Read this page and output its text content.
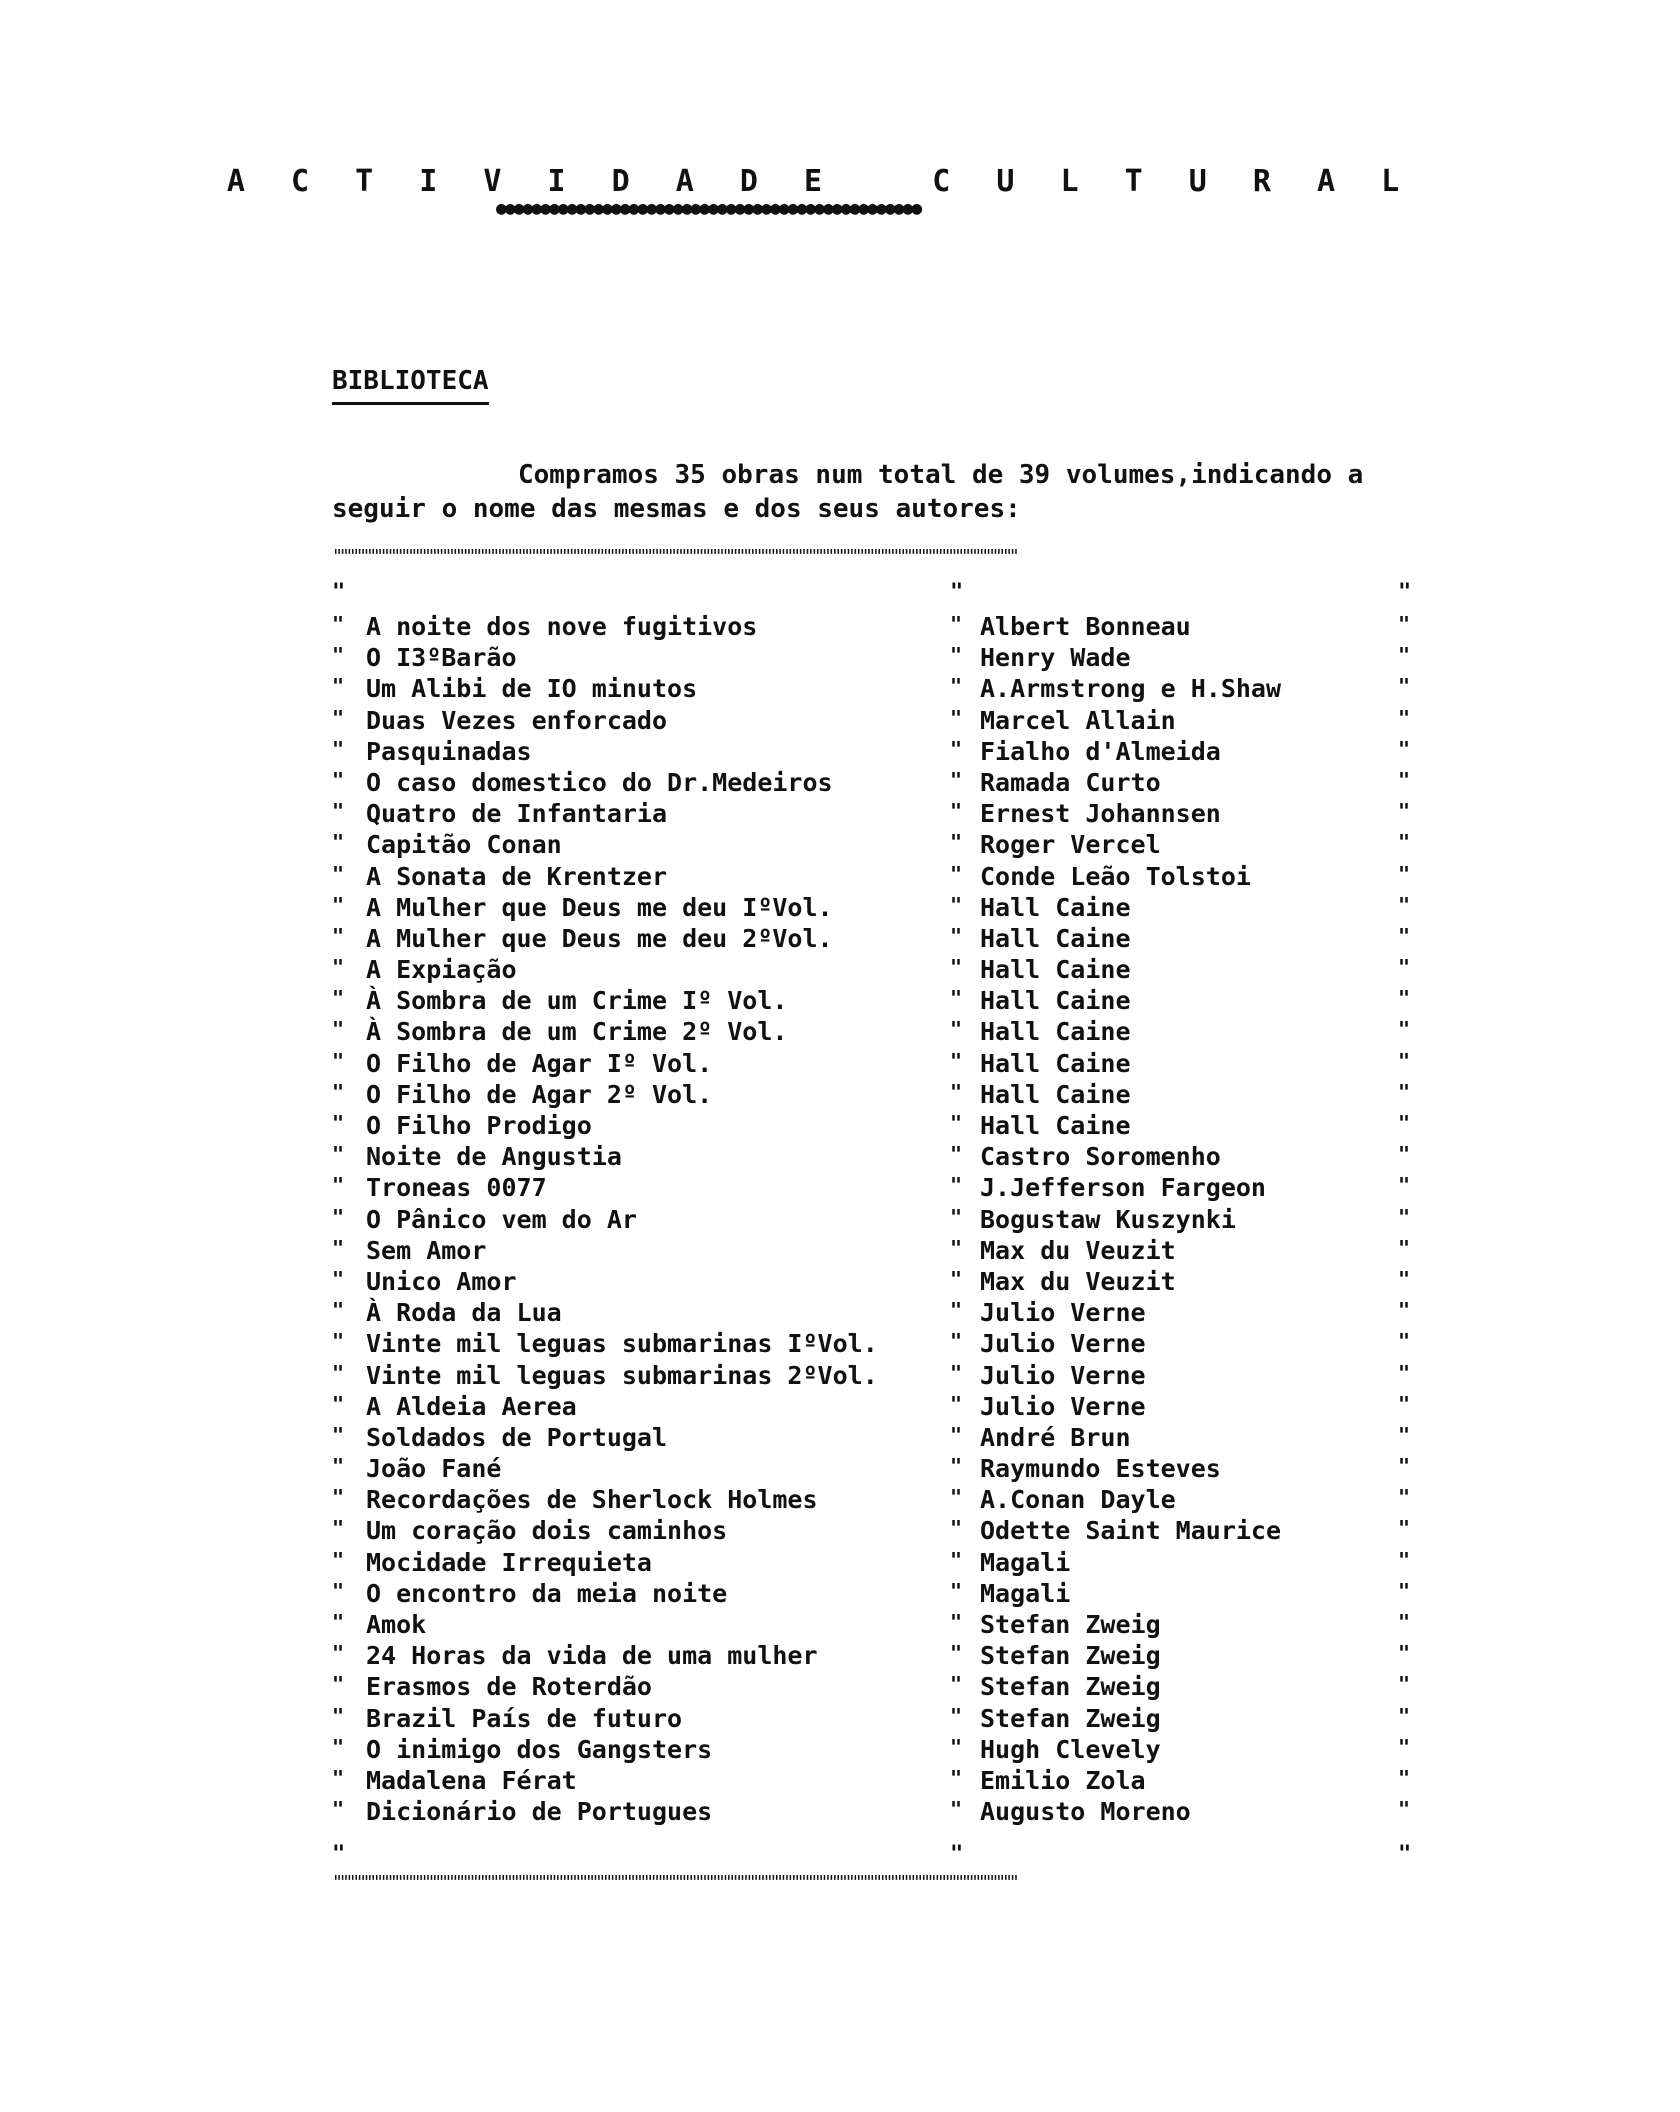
A C T I V I D A D E   C U L T U R A L
●●●●●●●●●●●●●●●●●●●●●●●●●●●●●●●●●●●●●●●●●●●●●●●●
BIBLIOTECA
Compramos 35 obras num total de 39 volumes,indicando a seguir o nome das mesmas e dos seus autores:
""""""""""""""""""""""""""""""""""""""""""""""""""""""""""""""""""""""""""""""""""""""""""""""""""""
"	"	"
" A noite dos nove fugitivos	" Albert Bonneau	"
" O I3ºBarão	" Henry Wade	"
" Um Alibi de IO minutos	" A.Armstrong e H.Shaw	"
" Duas Vezes enforcado	" Marcel Allain	"
" Pasquinadas	" Fialho d'Almeida	"
" O caso domestico do Dr.Medeiros	" Ramada Curto	"
" Quatro de Infantaria	" Ernest Johannsen	"
" Capitão Conan	" Roger Vercel	"
" A Sonata de Krentzer	" Conde Leão Tolstoi	"
" A Mulher que Deus me deu IºVol.	" Hall Caine	"
" A Mulher que Deus me deu 2ºVol.	" Hall Caine	"
" A Expiação	" Hall Caine	"
" À Sombra de um Crime Iº Vol.	" Hall Caine	"
" À Sombra de um Crime 2º Vol.	" Hall Caine	"
" O Filho de Agar Iº Vol.	" Hall Caine	"
" O Filho de Agar 2º Vol.	" Hall Caine	"
" O Filho Prodigo	" Hall Caine	"
" Noite de Angustia	" Castro Soromenho	"
" Troneas 0077	" J.Jefferson Fargeon	"
" O Pânico vem do Ar	" Bogustaw Kuszynki	"
" Sem Amor	" Max du Veuzit	"
" Unico Amor	" Max du Veuzit	"
" À Roda da Lua	" Julio Verne	"
" Vinte mil leguas submarinas IºVol.	" Julio Verne	"
" Vinte mil leguas submarinas 2ºVol.	" Julio Verne	"
" A Aldeia Aerea	" Julio Verne	"
" Soldados de Portugal	" André Brun	"
" João Fané	" Raymundo Esteves	"
" Recordações de Sherlock Holmes	" A.Conan Dayle	"
" Um coração dois caminhos	" Odette Saint Maurice	"
" Mocidade Irrequieta	" Magali	"
" O encontro da meia noite	" Magali	"
" Amok	" Stefan Zweig	"
" 24 Horas da vida de uma mulher	" Stefan Zweig	"
" Erasmos de Roterdão	" Stefan Zweig	"
" Brazil País de futuro	" Stefan Zweig	"
" O inimigo dos Gangsters	" Hugh Clevely	"
" Madalena Férat	" Emilio Zola	"
" Dicionário de Portugues	" Augusto Moreno	"
"	"	"
""""""""""""""""""""""""""""""""""""""""""""""""""""""""""""""""""""""""""""""""""""""""""""""""""""
